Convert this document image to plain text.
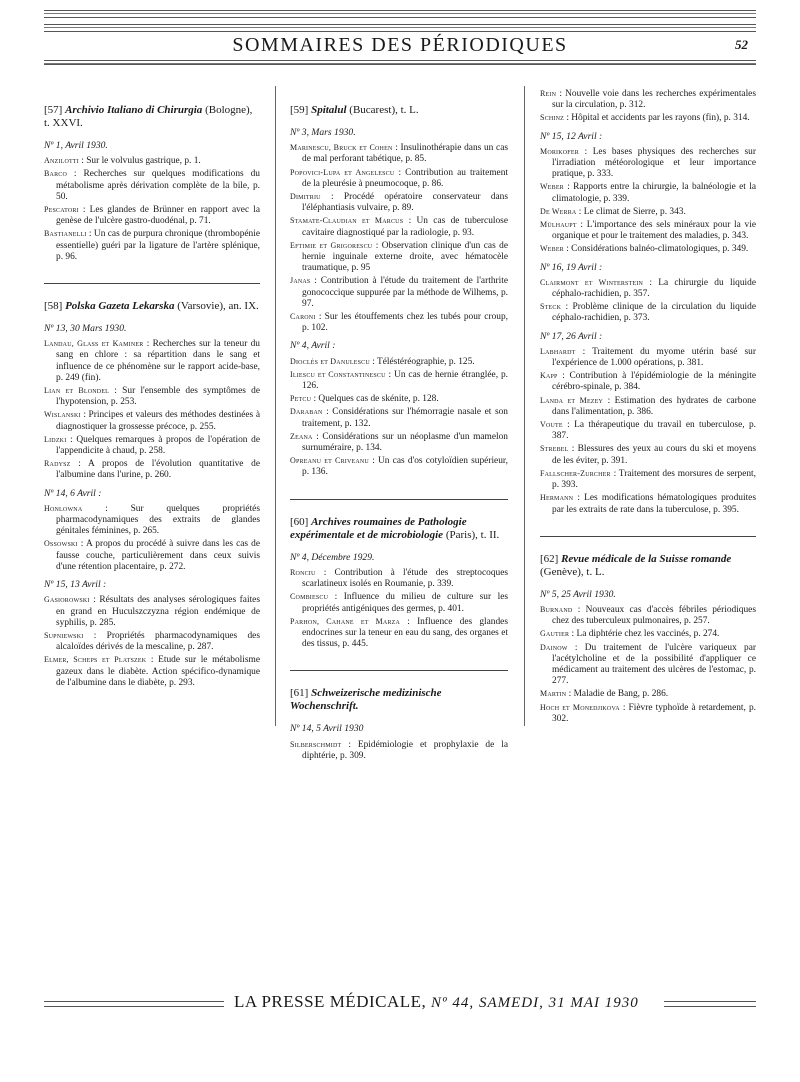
SOMMAIRES DES PÉRIODIQUES	52
[57] Archivio Italiano di Chirurgia (Bologne), t. XXVI.
Nº 1, Avril 1930.
Anzilotti : Sur le volvulus gastrique, p. 1.
Barco : Recherches sur quelques modifications du métabolisme après dérivation complète de la bile, p. 50.
Pescatori : Les glandes de Brünner en rapport avec la genèse de l'ulcère gastro-duodénal, p. 71.
Bastianelli : Un cas de purpura chronique (thrombopénie essentielle) guéri par la ligature de l'artère splénique, p. 96.
[58] Polska Gazeta Lekarska (Varsovie), an. IX.
Nº 13, 30 Mars 1930.
Landau, Glass et Kaminer : Recherches sur la teneur du sang en chlore : sa répartition dans le sang et influence de ce phénomène sur le rapport acide-base, p. 249 (fin).
Lian et Blondel : Sur l'ensemble des symptômes de l'hypotension, p. 253.
Wislanski : Principes et valeurs des méthodes destinées à diagnostiquer la grossesse précoce, p. 255.
Lidzki : Quelques remarques à propos de l'opération de l'appendicite à chaud, p. 258.
Radysz : A propos de l'évolution quantitative de l'albumine dans l'urine, p. 260.
Nº 14, 6 Avril :
Honlowna : Sur quelques propriétés pharmacodynamiques des extraits de glandes génitales féminines, p. 265.
Ossowski : A propos du procédé à suivre dans les cas de fausse couche, particulièrement dans ceux suivis d'une rétention placentaire, p. 272.
Nº 15, 13 Avril :
Gasiorowski : Résultats des analyses sérologiques faites en grand en Huculszczyzna région endémique de syphilis, p. 285.
Supniewski : Propriétés pharmacodynamiques des alcaloïdes dérivés de la mescaline, p. 287.
Elmer, Scheps et Platszek : Etude sur le métabolisme gazeux dans le diabète. Action spécifico-dynamique de l'albumine dans le diabète, p. 293.
[59] Spitalul (Bucarest), t. L.
Nº 3, Mars 1930.
Marinescu, Bruck et Cohen : Insulinothérapie dans un cas de mal perforant tabétique, p. 85.
Popovici-Lupa et Angelescu : Contribution au traitement de la pleurésie à pneumocoque, p. 86.
Dimitriu : Procédé opératoire conservateur dans l'éléphantiasis vulvaire, p. 89.
Stamate-Claudian et Marcus : Un cas de tuberculose cavitaire diagnostiqué par la radiologie, p. 93.
Eftimie et Grigorescu : Observation clinique d'un cas de hernie inguinale externe droite, avec hématocèle traumatique, p. 95
Janas : Contribution à l'étude du traitement de l'arthrite gonococcique suppurée par la méthode de Wilhems, p. 97.
Caroni : Sur les étouffements chez les tubés pour croup, p. 102.
Nº 4, Avril :
Dioclès et Danulescu : Téléstéréographie, p. 125.
Iliescu et Constantinescu : Un cas de hernie étranglée, p. 126.
Petcu : Quelques cas de skénite, p. 128.
Daraban : Considérations sur l'hémorragie nasale et son traitement, p. 132.
Zeana : Considérations sur un néoplasme d'un mamelon surnuméraire, p. 134.
Opreanu et Criveanu : Un cas d'os cotyloïdien supérieur, p. 136.
[60] Archives roumaines de Pathologie expérimentale et de microbiologie (Paris), t. II.
Nº 4, Décembre 1929.
Ronciu : Contribution à l'étude des streptocoques scarlatineux isolés en Roumanie, p. 339.
Combiescu : Influence du milieu de culture sur les propriétés antigéniques des germes, p. 401.
Parhon, Cahane et Marza : Influence des glandes endocrines sur la teneur en eau du sang, des organes et des tissus, p. 445.
[61] Schweizerische medizinische Wochenschrift.
Nº 14, 5 Avril 1930
Silberschmidt : Epidémiologie et prophylaxie de la diphtérie, p. 309.
Rein : Nouvelle voie dans les recherches expérimentales sur la circulation, p. 312.
Schinz : Hôpital et accidents par les rayons (fin), p. 314.
Nº 15, 12 Avril :
Morikofer : Les bases physiques des recherches sur l'irradiation météorologique et leur importance pratique, p. 333.
Weber : Rapports entre la chirurgie, la balnéologie et la climatologie, p. 339.
De Werra : Le climat de Sierre, p. 343.
Mülhaupt : L'importance des sels minéraux pour la vie organique et pour le traitement des maladies, p. 343.
Weber : Considérations balnéo-climatologiques, p. 349.
Nº 16, 19 Avril :
Clairmont et Winterstein : La chirurgie du liquide céphalo-rachidien, p. 357.
Steck : Problème clinique de la circulation du liquide céphalo-rachidien, p. 373.
Nº 17, 26 Avril :
Labhardt : Traitement du myome utérin basé sur l'expérience de 1.000 opérations, p. 381.
Kapp : Contribution à l'épidémiologie de la méningite cérébro-spinale, p. 384.
Landa et Mezey : Estimation des hydrates de carbone dans l'alimentation, p. 386.
Voute : La thérapeutique du travail en tuberculose, p. 387.
Strebel : Blessures des yeux au cours du ski et moyens de les éviter, p. 391.
Fallscher-Zurcher : Traitement des morsures de serpent, p. 393.
Hermann : Les modifications hématologiques produites par les extraits de rate dans la tuberculose, p. 395.
[62] Revue médicale de la Suisse romande (Genève), t. L.
Nº 5, 25 Avril 1930.
Burnand : Nouveaux cas d'accès fébriles périodiques chez des tuberculeux pulmonaires, p. 257.
Gautier : La diphtérie chez les vaccinés, p. 274.
Dainow : Du traitement de l'ulcère variqueux par l'acétylcholine et de la possibilité d'appliquer ce médicament au traitement des ulcères de l'estomac, p. 277.
Martin : Maladie de Bang, p. 286.
Hoch et Monedjikova : Fièvre typhoïde à retardement, p. 302.
LA PRESSE MÉDICALE, Nº 44, SAMEDI, 31 MAI 1930
